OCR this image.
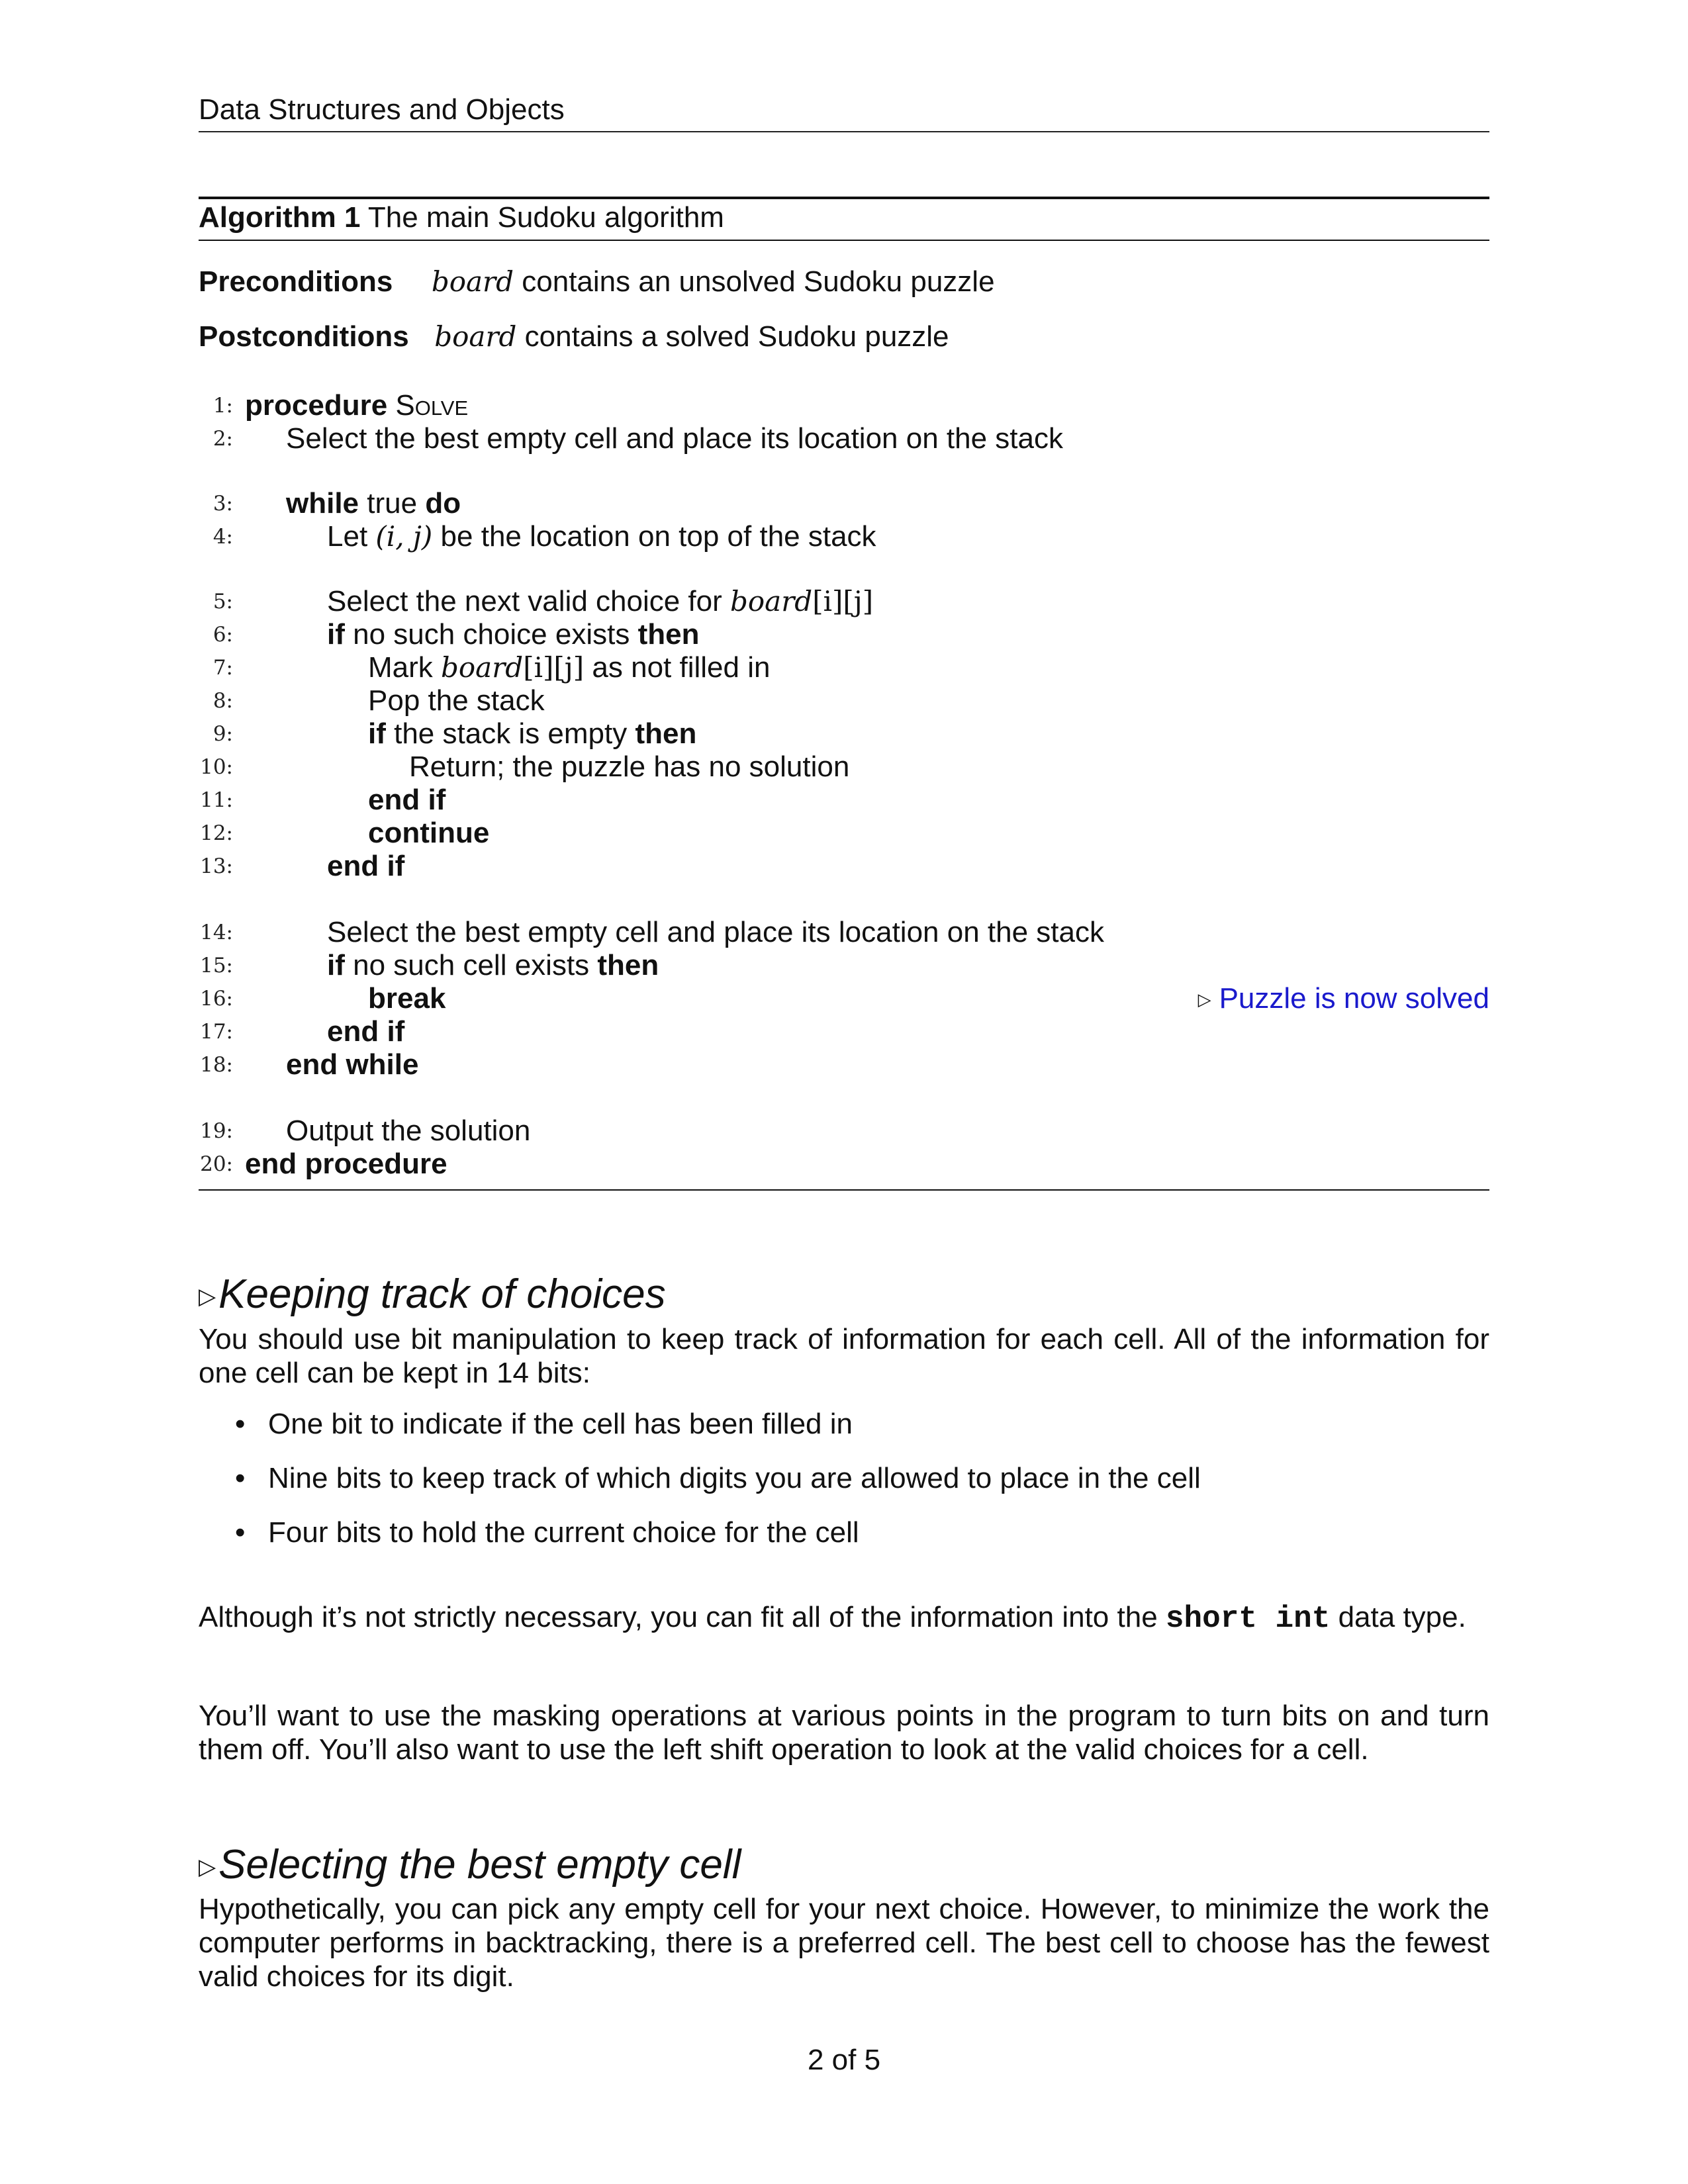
Data Structures and Objects
Algorithm 1 The main Sudoku algorithm
Preconditions board contains an unsolved Sudoku puzzle
Postconditions board contains a solved Sudoku puzzle
1: procedure Solve
2: Select the best empty cell and place its location on the stack
3: while true do
4:	Let (i, j) be the location on top of the stack
5:	Select the next valid choice for board[i][j]
6:	if no such choice exists then
7:	Mark board[i][j] as not filled in
8:	Pop the stack
9:	if the stack is empty then
10:	Return; the puzzle has no solution
11:	end if
12:	continue
13:	end if
14:	Select the best empty cell and place its location on the stack
15:	if no such cell exists then
16:	break	▷ Puzzle is now solved
17:	end if
18: end while
19: Output the solution
20: end procedure
▷Keeping track of choices
You should use bit manipulation to keep track of information for each cell. All of the information for one cell can be kept in 14 bits:
• One bit to indicate if the cell has been filled in
• Nine bits to keep track of which digits you are allowed to place in the cell
• Four bits to hold the current choice for the cell
Although it’s not strictly necessary, you can fit all of the information into the short int data type.
You’ll want to use the masking operations at various points in the program to turn bits on and turn them off. You’ll also want to use the left shift operation to look at the valid choices for a cell.
▷Selecting the best empty cell
Hypothetically, you can pick any empty cell for your next choice. However, to minimize the work the computer performs in backtracking, there is a preferred cell. The best cell to choose has the fewest valid choices for its digit.
2 of 5
